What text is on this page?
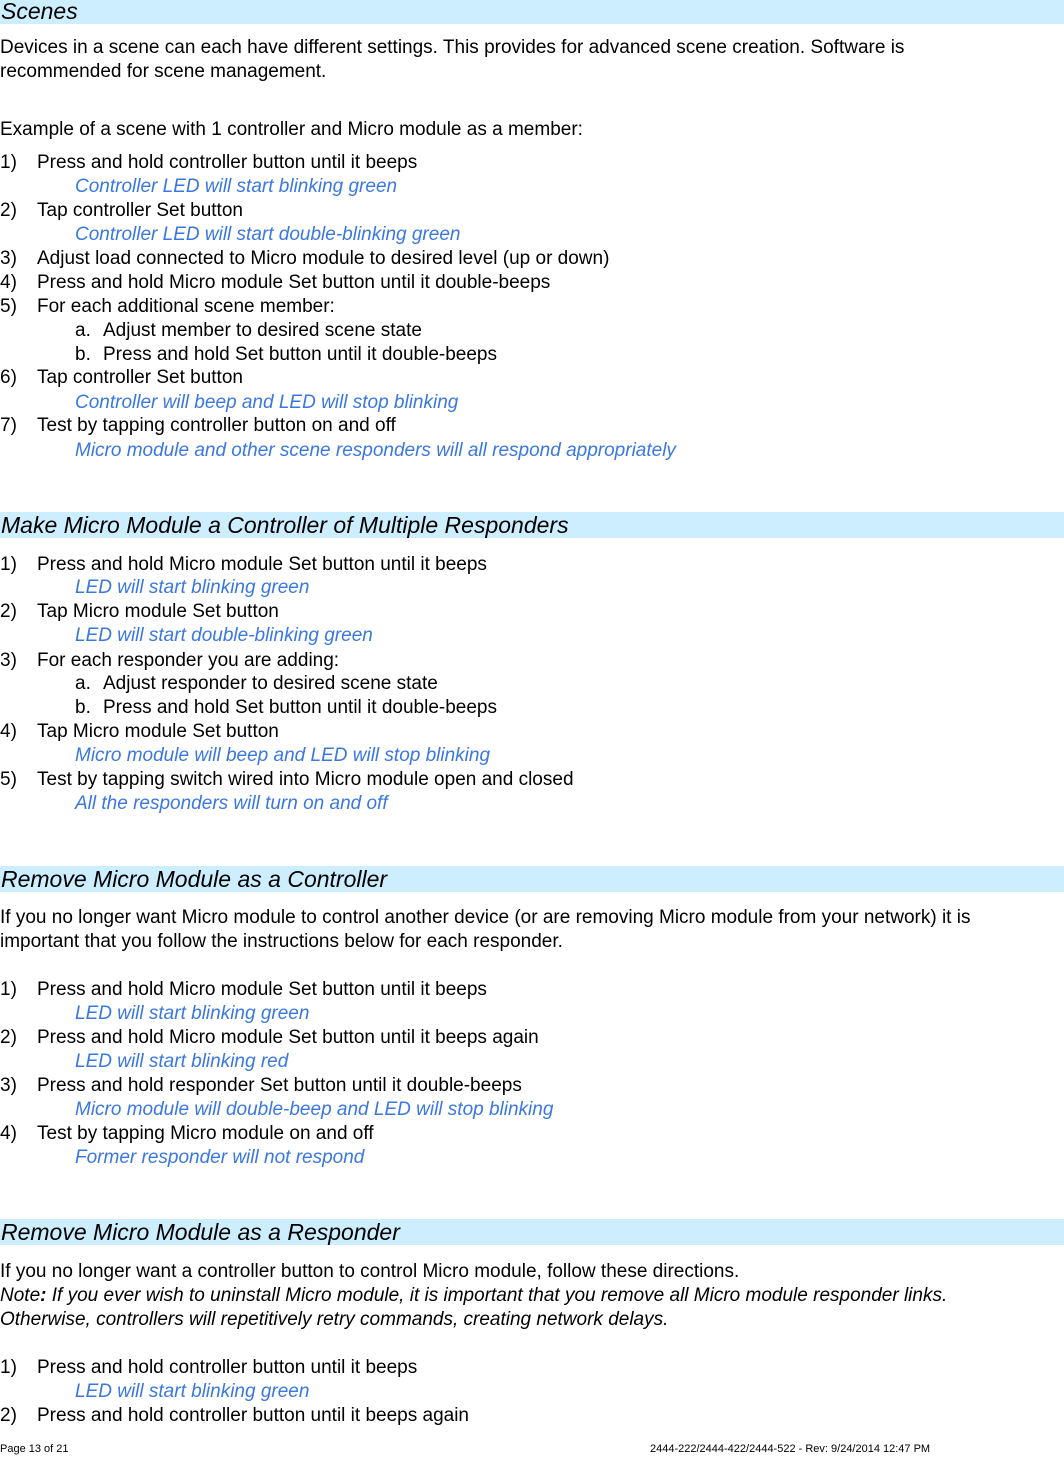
Scenes
Devices in a scene can each have different settings. This provides for advanced scene creation. Software is
recommended for scene management.
Example of a scene with 1 controller and Micro module as a member:
1) Press and hold controller button until it beeps
Controller LED will start blinking green
2) Tap controller Set button
Controller LED will start double-blinking green
3) Adjust load connected to Micro module to desired level (up or down)
4) Press and hold Micro module Set button until it double-beeps
5) For each additional scene member:
a. Adjust member to desired scene state
b. Press and hold Set button until it double-beeps
6) Tap controller Set button
Controller will beep and LED will stop blinking
7) Test by tapping controller button on and off
Micro module and other scene responders will all respond appropriately
Make Micro Module a Controller of Multiple Responders
1) Press and hold Micro module Set button until it beeps
LED will start blinking green
2) Tap Micro module Set button
LED will start double-blinking green
3) For each responder you are adding:
a. Adjust responder to desired scene state
b. Press and hold Set button until it double-beeps
4) Tap Micro module Set button
Micro module will beep and LED will stop blinking
5) Test by tapping switch wired into Micro module open and closed
All the responders will turn on and off
Remove Micro Module as a Controller
If you no longer want Micro module to control another device (or are removing Micro module from your network) it is
important that you follow the instructions below for each responder.
1) Press and hold Micro module Set button until it beeps
LED will start blinking green
2) Press and hold Micro module Set button until it beeps again
LED will start blinking red
3) Press and hold responder Set button until it double-beeps
Micro module will double-beep and LED will stop blinking
4) Test by tapping Micro module on and off
Former responder will not respond
Remove Micro Module as a Responder
If you no longer want a controller button to control Micro module, follow these directions.
Note: If you ever wish to uninstall Micro module, it is important that you remove all Micro module responder links.
Otherwise, controllers will repetitively retry commands, creating network delays.
1) Press and hold controller button until it beeps
LED will start blinking green
2) Press and hold controller button until it beeps again
Page 13 of 21	2444-222/2444-422/2444-522 - Rev: 9/24/2014 12:47 PM
